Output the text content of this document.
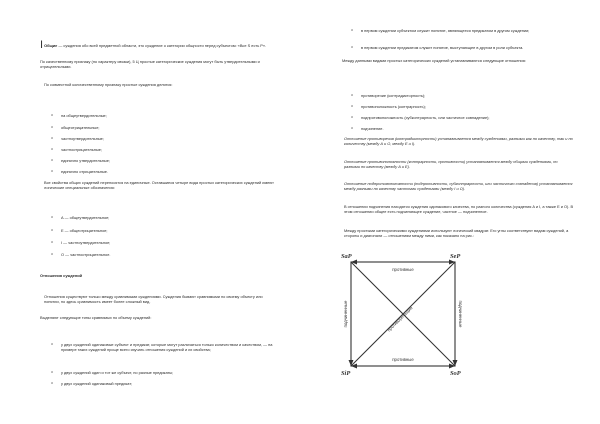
IОбщие — суждения обо всей предметной области, это суждение о категории общности перед субъектом: «Все S есть P».

По качественному признаку (по характеру связки), 5 Ц простые категорические суждения могут быть утвердительными и отрицательными.

По совместной количественному признаку простые суждения делятся:

o на общеутвердительные;

o общеотрицательные;

o частноутвердительные;

o частноотрицательные;

o единично утвердительные;

o единично отрицательные.

Все свойства общих суждений переносятся на единичные. Оставшиеся четыре вида простых категорических суждений имеют логические специальные обозначения:

o А — общеутвердительное;

o Е — общеотрицательное;

o I — частноутвердительное;

o О — частноотрицательное.

Отношения суждений

Отношения существуют только между сравнимыми суждениями. Суждения бывают сравнимыми по своему объекту или понятии, но здесь сравнимость имеет более сложный вид.

Выделяют следующие типы сравнимых по объему суждений:

o у двух суждений одинаковые субъект и предикат, которые могут различаться только количеством и качеством, — на примере таких суждений проще всего изучать отношения суждений и их свойства;

o у двух суждений один и тот же субъект, но разные предикаты;

o у двух суждений одинаковый предикат;

o в первом суждении субъектом служит понятие, являющееся предикатом в другом суждении;

o в первом суждении предикатом служит понятие, выступающее в другом в роли субъекта.

Между данными видами простых категорических суждений устанавливаются следующие отношения:

o противоречие (контрадикторность);

o противоположность (контрарность);

o подпротивоположность (субконтрарность, или частичное совпадение);

o подчинение.

Отношение противоречия (контрадикторности) устанавливается между суждениями, разными как по качеству, так и по количеству (между A и O, между E и I).

Отношение противоположности (контрарности, противности) устанавливается между общими суждениями, но разными по качеству (между A и E).

Отношение подпротивоположности (подпротивности, субконтрарности, или частичного совпадения) устанавливается между разными по качеству частными суждениями (между I и O).

В отношении подчинения находятся суждения одинакового качества, но разного количества (суждения A и I, а также E и O). В этом отношении общее есть подчиняющее суждение, частное — подчиненное.

Между простыми категорическими суждениями используют логический квадрат. Его углы соответствуют видам суждений, а стороны и диагонали — отношениям между ними, как показано на рис.:

SaP	SeP
SiP	SoP
противные
противные
подчиненные	подчиненные
противоречащие
